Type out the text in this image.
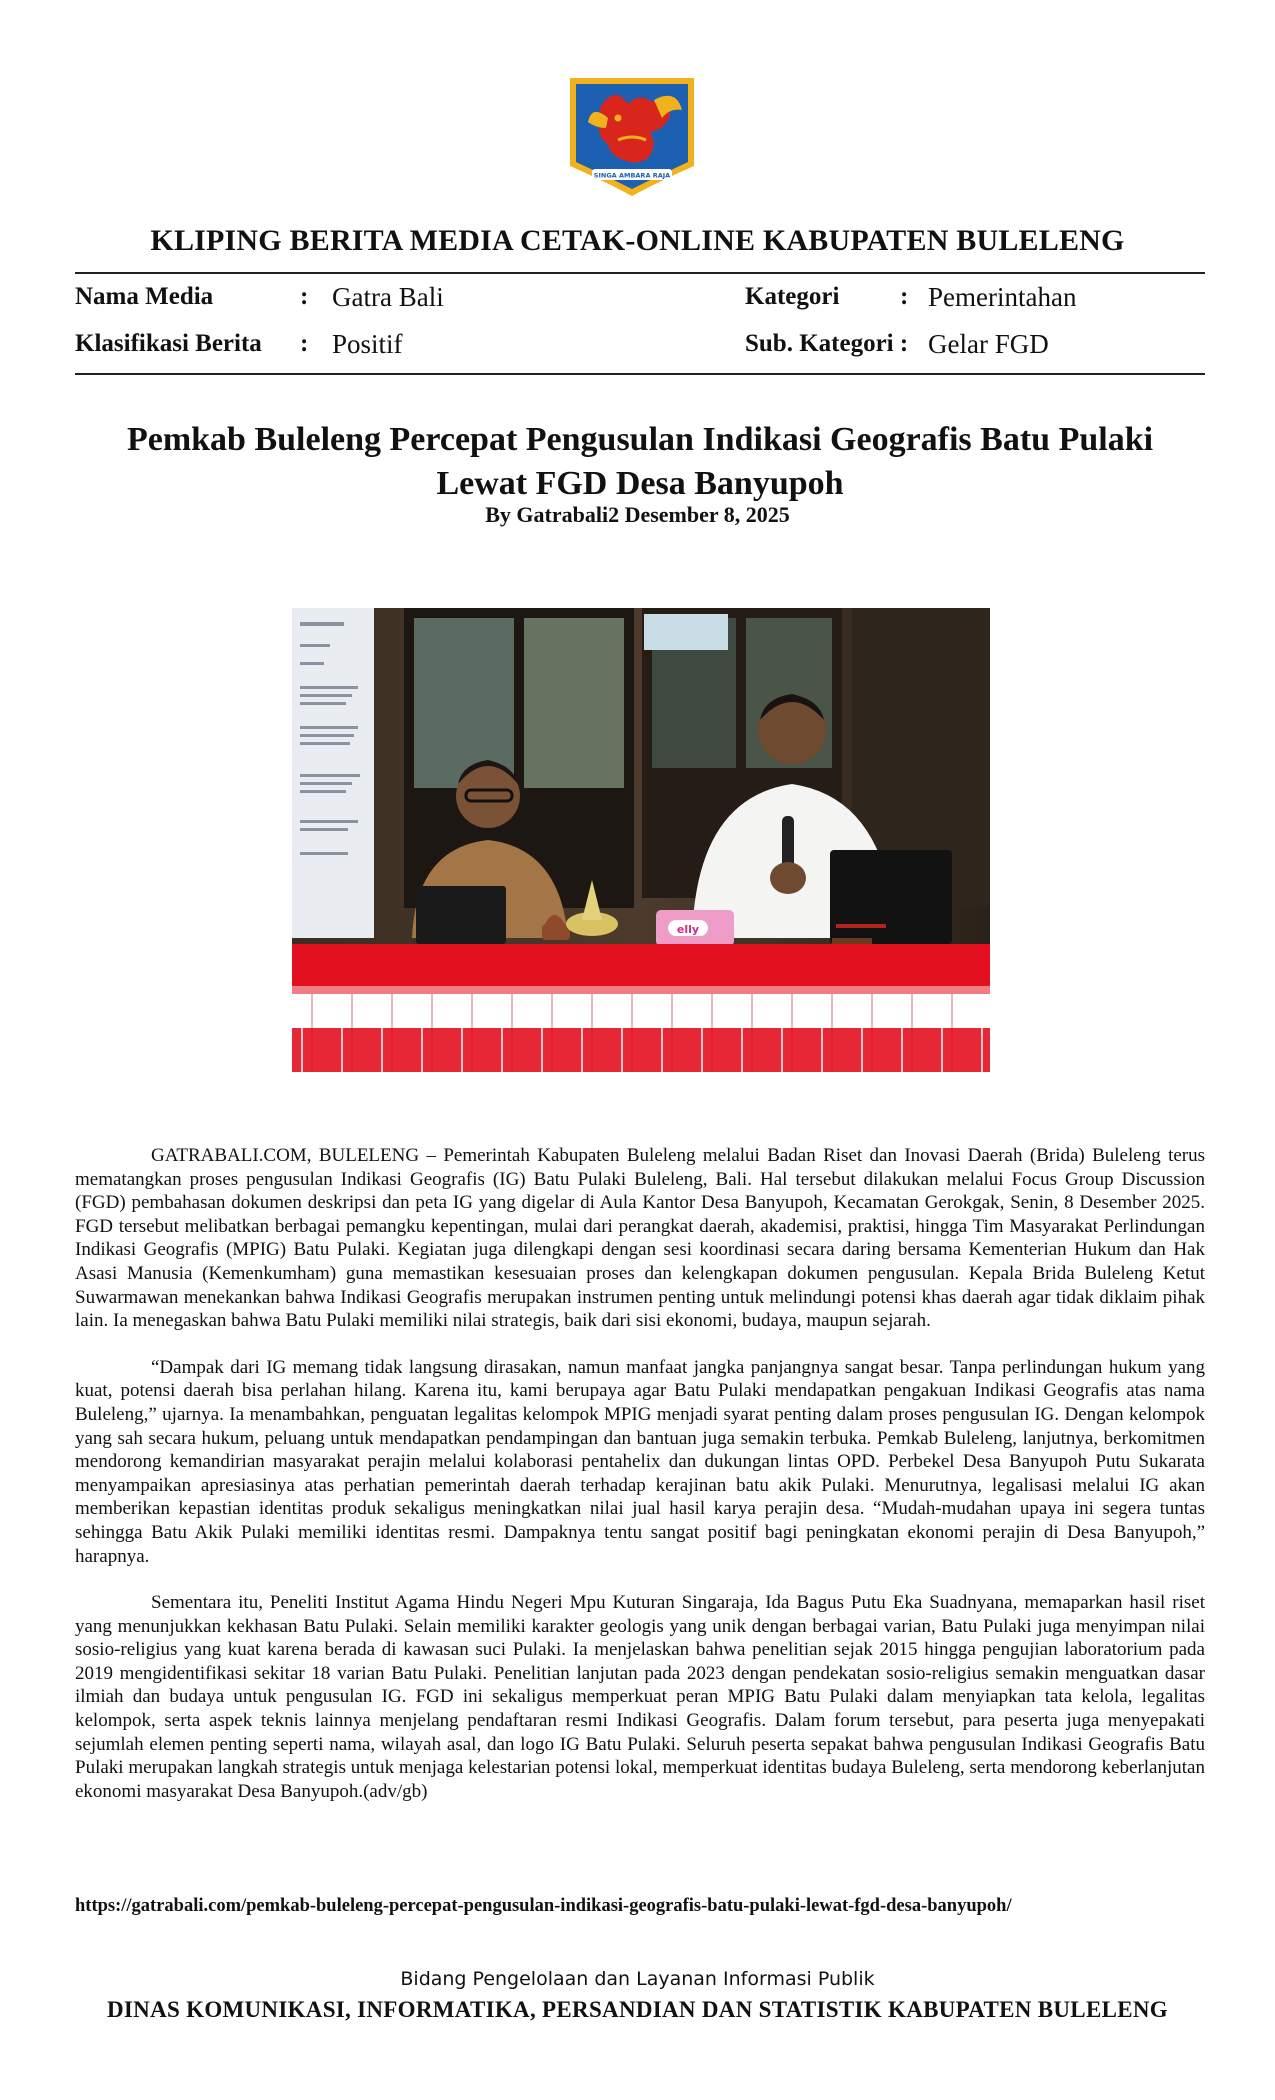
SINGA AMBARA RAJA
KLIPING BERITA MEDIA CETAK-ONLINE KABUPATEN BULELENG
Nama Media	: Gatra Bali	Kategori : Pemerintahan
Klasifikasi Berita : Positif	Sub. Kategori : Gelar FGD
Pemkab Buleleng Percepat Pengusulan Indikasi Geografis Batu Pulaki
Lewat FGD Desa Banyupoh
By Gatrabali2 Desember 8, 2025
elly

GATRABALI.COM, BULELENG – Pemerintah Kabupaten Buleleng melalui Badan Riset dan Inovasi Daerah (Brida) Buleleng terus mematangkan proses pengusulan Indikasi Geografis (IG) Batu Pulaki Buleleng, Bali. Hal tersebut dilakukan melalui Focus Group Discussion (FGD) pembahasan dokumen deskripsi dan peta IG yang digelar di Aula Kantor Desa Banyupoh, Kecamatan Gerokgak, Senin, 8 Desember 2025. FGD tersebut melibatkan berbagai pemangku kepentingan, mulai dari perangkat daerah, akademisi, praktisi, hingga Tim Masyarakat Perlindungan Indikasi Geografis (MPIG) Batu Pulaki. Kegiatan juga dilengkapi dengan sesi koordinasi secara daring bersama Kementerian Hukum dan Hak Asasi Manusia (Kemenkumham) guna memastikan kesesuaian proses dan kelengkapan dokumen pengusulan. Kepala Brida Buleleng Ketut Suwarmawan menekankan bahwa Indikasi Geografis merupakan instrumen penting untuk melindungi potensi khas daerah agar tidak diklaim pihak lain. Ia menegaskan bahwa Batu Pulaki memiliki nilai strategis, baik dari sisi ekonomi, budaya, maupun sejarah.

“Dampak dari IG memang tidak langsung dirasakan, namun manfaat jangka panjangnya sangat besar. Tanpa perlindungan hukum yang kuat, potensi daerah bisa perlahan hilang. Karena itu, kami berupaya agar Batu Pulaki mendapatkan pengakuan Indikasi Geografis atas nama Buleleng,” ujarnya. Ia menambahkan, penguatan legalitas kelompok MPIG menjadi syarat penting dalam proses pengusulan IG. Dengan kelompok yang sah secara hukum, peluang untuk mendapatkan pendampingan dan bantuan juga semakin terbuka. Pemkab Buleleng, lanjutnya, berkomitmen mendorong kemandirian masyarakat perajin melalui kolaborasi pentahelix dan dukungan lintas OPD. Perbekel Desa Banyupoh Putu Sukarata menyampaikan apresiasinya atas perhatian pemerintah daerah terhadap kerajinan batu akik Pulaki. Menurutnya, legalisasi melalui IG akan memberikan kepastian identitas produk sekaligus meningkatkan nilai jual hasil karya perajin desa. “Mudah-mudahan upaya ini segera tuntas sehingga Batu Akik Pulaki memiliki identitas resmi. Dampaknya tentu sangat positif bagi peningkatan ekonomi perajin di Desa Banyupoh,” harapnya.

Sementara itu, Peneliti Institut Agama Hindu Negeri Mpu Kuturan Singaraja, Ida Bagus Putu Eka Suadnyana, memaparkan hasil riset yang menunjukkan kekhasan Batu Pulaki. Selain memiliki karakter geologis yang unik dengan berbagai varian, Batu Pulaki juga menyimpan nilai sosio-religius yang kuat karena berada di kawasan suci Pulaki. Ia menjelaskan bahwa penelitian sejak 2015 hingga pengujian laboratorium pada 2019 mengidentifikasi sekitar 18 varian Batu Pulaki. Penelitian lanjutan pada 2023 dengan pendekatan sosio-religius semakin menguatkan dasar ilmiah dan budaya untuk pengusulan IG. FGD ini sekaligus memperkuat peran MPIG Batu Pulaki dalam menyiapkan tata kelola, legalitas kelompok, serta aspek teknis lainnya menjelang pendaftaran resmi Indikasi Geografis. Dalam forum tersebut, para peserta juga menyepakati sejumlah elemen penting seperti nama, wilayah asal, dan logo IG Batu Pulaki. Seluruh peserta sepakat bahwa pengusulan Indikasi Geografis Batu Pulaki merupakan langkah strategis untuk menjaga kelestarian potensi lokal, memperkuat identitas budaya Buleleng, serta mendorong keberlanjutan ekonomi masyarakat Desa Banyupoh.(adv/gb)

https://gatrabali.com/pemkab-buleleng-percepat-pengusulan-indikasi-geografis-batu-pulaki-lewat-fgd-desa-banyupoh/
Bidang Pengelolaan dan Layanan Informasi Publik
DINAS KOMUNIKASI, INFORMATIKA, PERSANDIAN DAN STATISTIK KABUPATEN BULELENG
